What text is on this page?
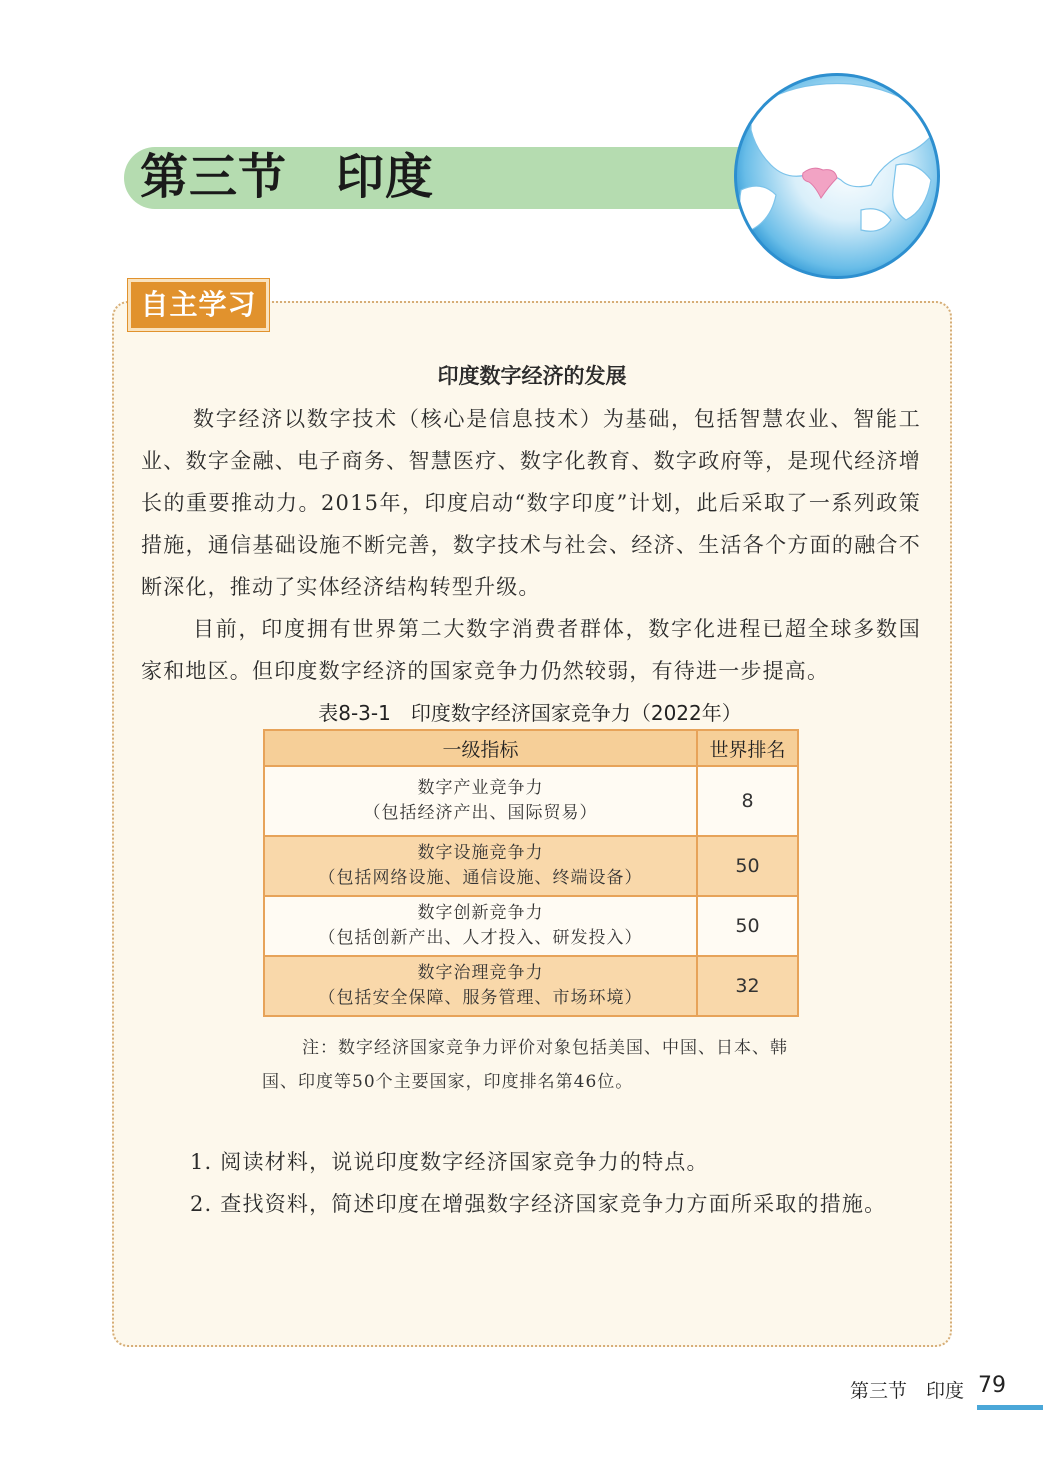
第三节　印度
自主学习
印度数字经济的发展

数字经济以数字技术（核心是信息技术）为基础，包括智慧农业、智能工业、数字金融、电子商务、智慧医疗、数字化教育、数字政府等，是现代经济增长的重要推动力。2015年，印度启动“数字印度”计划，此后采取了一系列政策措施，通信基础设施不断完善，数字技术与社会、经济、生活各个方面的融合不断深化，推动了实体经济结构转型升级。

目前，印度拥有世界第二大数字消费者群体，数字化进程已超全球多数国家和地区。但印度数字经济的国家竞争力仍然较弱，有待进一步提高。

表8-3-1　印度数字经济国家竞争力（2022年）
一级指标	世界排名

数字产业竞争力
（包括经济产出、国际贸易）	8

数字设施竞争力
（包括网络设施、通信设施、终端设备）	50

数字创新竞争力
（包括创新产出、人才投入、研发投入）	50

数字治理竞争力
（包括安全保障、服务管理、市场环境）	32

注：数字经济国家竞争力评价对象包括美国、中国、日本、韩国、印度等50个主要国家，印度排名第46位。

1. 阅读材料，说说印度数字经济国家竞争力的特点。
2. 查找资料，简述印度在增强数字经济国家竞争力方面所采取的措施。
第三节　印度 79
